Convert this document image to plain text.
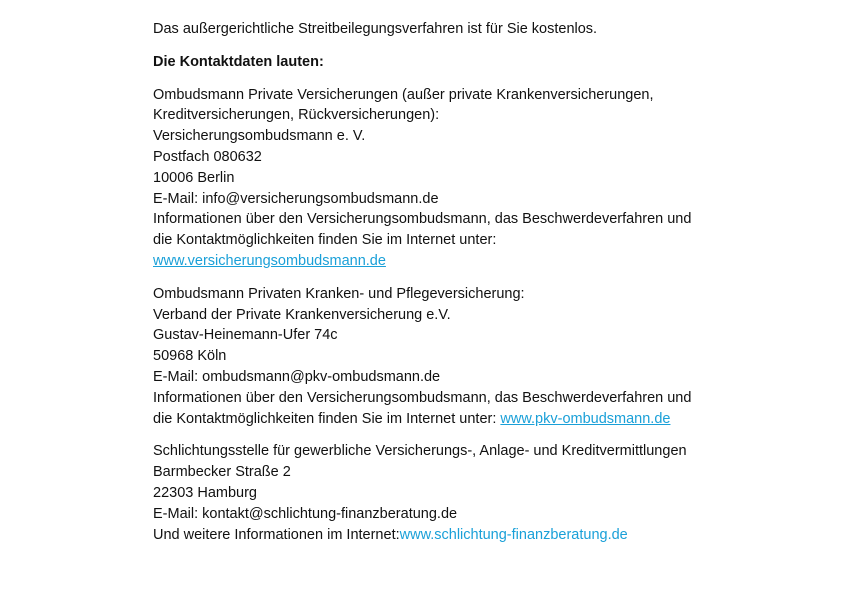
Das außergerichtliche Streitbeilegungsverfahren ist für Sie kostenlos.
Die Kontaktdaten lauten:
Ombudsmann Private Versicherungen (außer private Krankenversicherungen,
Kreditversicherungen, Rückversicherungen):
Versicherungsombudsmann e. V.
Postfach 080632
10006 Berlin
E-Mail: info@versicherungsombudsmann.de
Informationen über den Versicherungsombudsmann, das Beschwerdeverfahren und
die Kontaktmöglichkeiten finden Sie im Internet unter:
www.versicherungsombudsmann.de
Ombudsmann Privaten Kranken- und Pflegeversicherung:
Verband der Private Krankenversicherung e.V.
Gustav-Heinemann-Ufer 74c
50968 Köln
E-Mail: ombudsmann@pkv-ombudsmann.de
Informationen über den Versicherungsombudsmann, das Beschwerdeverfahren und
die Kontaktmöglichkeiten finden Sie im Internet unter: www.pkv-ombudsmann.de
Schlichtungsstelle für gewerbliche Versicherungs-, Anlage- und Kreditvermittlungen
Barmbecker Straße 2
22303 Hamburg
E-Mail: kontakt@schlichtung-finanzberatung.de
Und weitere Informationen im Internet:www.schlichtung-finanzberatung.de
